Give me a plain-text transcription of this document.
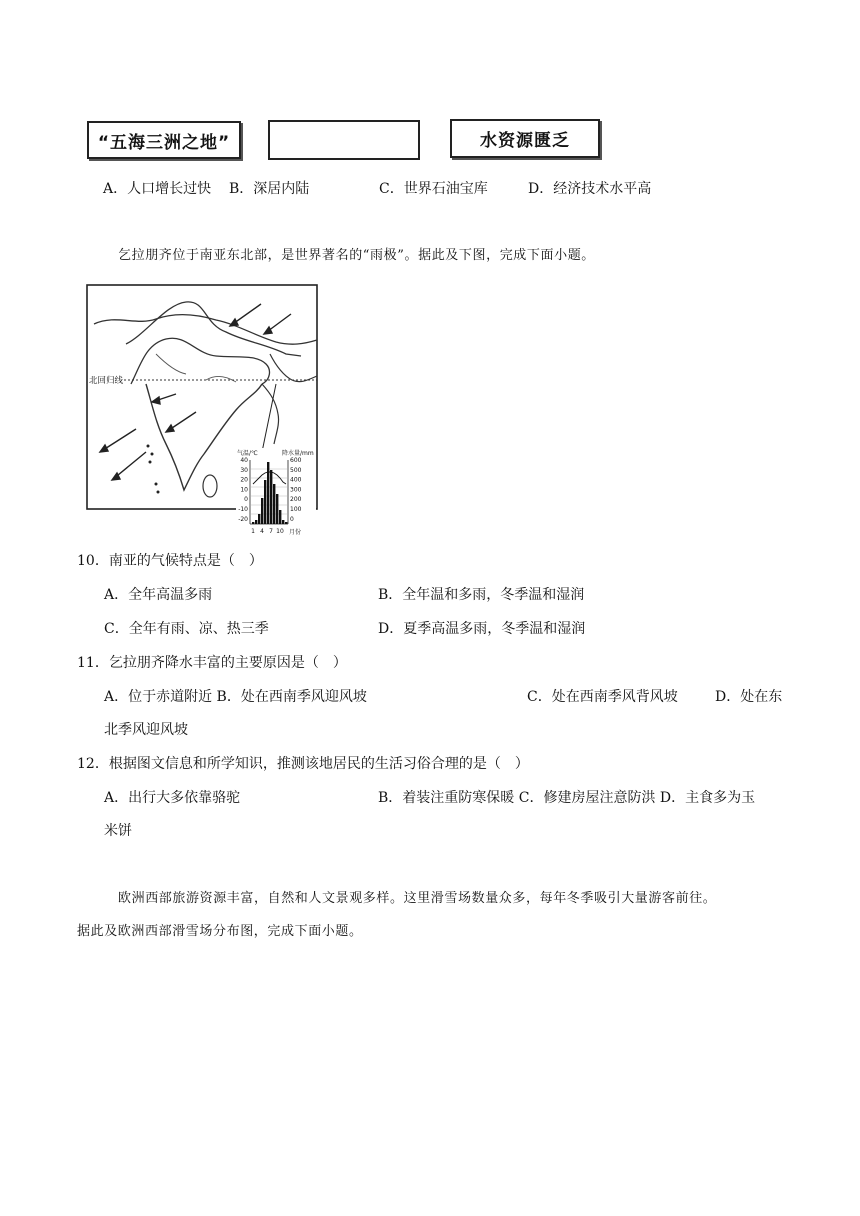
“五海三洲之地”	水资源匮乏
A．人口增长过快 B．深居内陆	C．世界石油宝库	D．经济技术水平高
乞拉朋齐位于南亚东北部，是世界著名的“雨极”。据此及下图，完成下面小题。
北回归线
气温/℃	降水量/mm
40
30
20
10
0
-10
-20
600
500
400
300
200
100
0
1 4 7 10 月份
10．南亚的气候特点是（　）
A．全年高温多雨	B．全年温和多雨，冬季温和湿润
C．全年有雨、凉、热三季	D．夏季高温多雨，冬季温和湿润
11．乞拉朋齐降水丰富的主要原因是（　）
A．位于赤道附近 B．处在西南季风迎风坡	C．处在西南季风背风坡	D．处在东
北季风迎风坡
12．根据图文信息和所学知识，推测该地居民的生活习俗合理的是（　）
A．出行大多依靠骆驼	B．着装注重防寒保暖 C．修建房屋注意防洪 D．主食多为玉
米饼
欧洲西部旅游资源丰富，自然和人文景观多样。这里滑雪场数量众多，每年冬季吸引大量游客前往。
据此及欧洲西部滑雪场分布图，完成下面小题。
